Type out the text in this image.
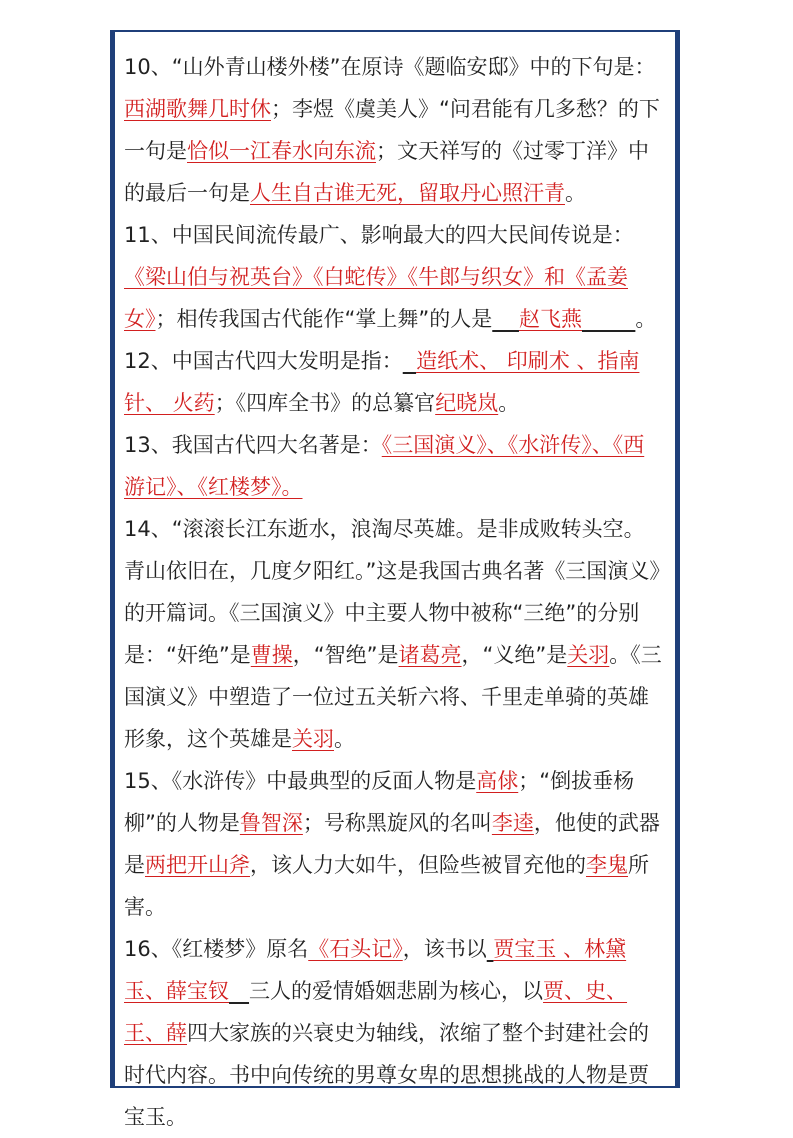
10、“山外青山楼外楼”在原诗《题临安邸》中的下句是：西湖歌舞几时休；李煜《虞美人》“问君能有几多愁？的下一句是恰似一江春水向东流；文天祥写的《过零丁洋》中的最后一句是人生自古谁无死，留取丹心照汗青。

11、中国民间流传最广、影响最大的四大民间传说是：《梁山伯与祝英台》《白蛇传》《牛郎与织女》和《孟姜女》；相传我国古代能作“掌上舞”的人是 赵飞燕	。

12、中国古代四大发明是指： 造纸术、 印刷术 、指南针、 火药；《四库全书》的总纂官纪晓岚。

13、我国古代四大名著是：《三国演义》、《水浒传》、《西游记》、《红楼梦》。

14、“滚滚长江东逝水，浪淘尽英雄。是非成败转头空。青山依旧在，几度夕阳红。”这是我国古典名著《三国演义》的开篇词。《三国演义》中主要人物中被称“三绝”的分别是：“奸绝”是曹操，“智绝”是诸葛亮，“义绝”是关羽。《三国演义》中塑造了一位过五关斩六将、千里走单骑的英雄形象，这个英雄是关羽。

15、《水浒传》中最典型的反面人物是高俅；“倒拔垂杨柳”的人物是鲁智深；号称黑旋风的名叫李逵，他使的武器是两把开山斧，该人力大如牛，但险些被冒充他的李鬼所害。

16、《红楼梦》原名《石头记》，该书以 贾宝玉 、林黛玉、薛宝钗 三人的爱情婚姻悲剧为核心，以贾、史、王、薛四大家族的兴衰史为轴线，浓缩了整个封建社会的时代内容。书中向传统的男尊女卑的思想挑战的人物是贾宝玉。
